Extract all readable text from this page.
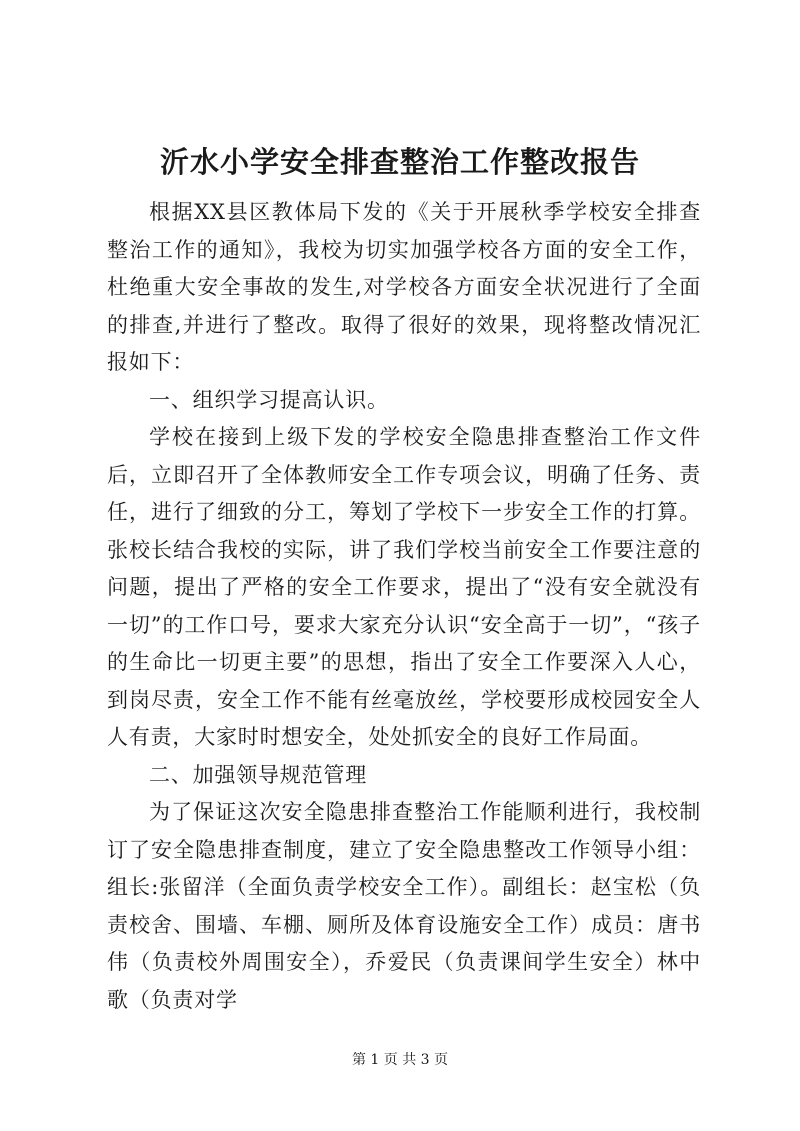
沂水小学安全排查整治工作整改报告

根据XX县区教体局下发的《关于开展秋季学校安全排查整治工作的通知》，我校为切实加强学校各方面的安全工作，杜绝重大安全事故的发生,对学校各方面安全状况进行了全面的排查,并进行了整改。取得了很好的效果，现将整改情况汇报如下：

一、组织学习提高认识。

学校在接到上级下发的学校安全隐患排查整治工作文件后，立即召开了全体教师安全工作专项会议，明确了任务、责任，进行了细致的分工，筹划了学校下一步安全工作的打算。张校长结合我校的实际，讲了我们学校当前安全工作要注意的问题，提出了严格的安全工作要求，提出了“没有安全就没有一切”的工作口号，要求大家充分认识“安全高于一切”，“孩子的生命比一切更主要”的思想，指出了安全工作要深入人心，到岗尽责，安全工作不能有丝毫放丝，学校要形成校园安全人人有责，大家时时想安全，处处抓安全的良好工作局面。

二、加强领导规范管理

为了保证这次安全隐患排查整治工作能顺利进行，我校制订了安全隐患排查制度，建立了安全隐患整改工作领导小组：组长:张留洋（全面负责学校安全工作）。副组长：赵宝松（负责校舍、围墙、车棚、厕所及体育设施安全工作）成员：唐书伟（负责校外周围安全），乔爱民（负责课间学生安全）林中歌（负责对学

第 1 页 共 3 页
